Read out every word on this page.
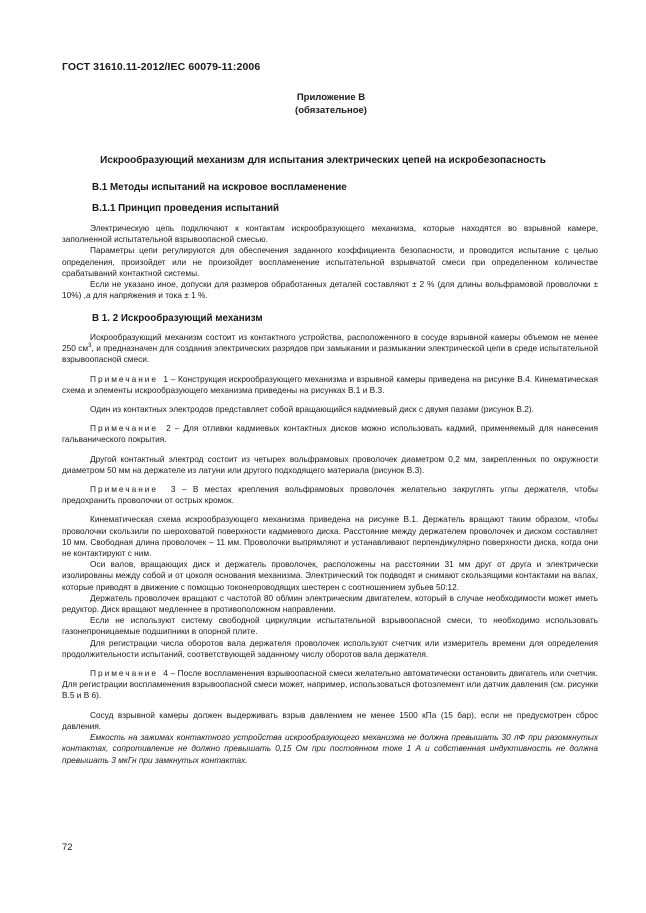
ГОСТ 31610.11-2012/IEC 60079-11:2006
Приложение В
(обязательное)
Искрообразующий механизм для испытания электрических цепей на искробезопасность
В.1 Методы испытаний на искровое воспламенение
В.1.1 Принцип проведения испытаний

Электрическую цепь подключают к контактам искрообразующего механизма, которые находятся во взрывной камере, заполненной испытательной взрывоопасной смесью.

Параметры цепи регулируются для обеспечения заданного коэффициента безопасности, и проводится испытание с целью определения, произойдет или не произойдет воспламенение испытательной взрывчатой смеси при определенном количестве срабатываний контактной системы.

Если не указано иное, допуски для размеров обработанных деталей составляют ± 2 % (для длины вольфрамовой проволочки ± 10%) ,а для напряжения и тока ± 1 %.

В 1. 2 Искрообразующий механизм

Искрообразующий механизм состоит из контактного устройства, расположенного в сосуде взрывной камеры объемом не менее 250 $см^3$, и предназначен для создания электрических разрядов при замыкании и размыкании электрической цепи в среде испытательной взрывоопасной смеси.

Примечание 1 – Конструкция искрообразующего механизма и взрывной камеры приведена на рисунке В.4. Кинематическая схема и элементы искрообразующего механизма приведены на рисунках В.1 и В.3.

Один из контактных электродов представляет собой вращающийся кадмиевый диск с двумя пазами (рисунок В.2).

Примечание 2 – Для отливки кадмиевых контактных дисков можно использовать кадмий, применяемый для нанесения гальванического покрытия.

Другой контактный электрод состоит из четырех вольфрамовых проволочек диаметром 0,2 мм, закрепленных по окружности диаметром 50 мм на держателе из латуни или другого подходящего материала (рисунок В.3).

Примечание 3 – В местах крепления вольфрамовых проволочек желательно закруглять углы держателя, чтобы предохранить проволочки от острых кромок.

Кинематическая схема искрообразующего механизма приведена на рисунке В.1. Держатель вращают таким образом, чтобы проволочки скользили по шероховатой поверхности кадмиевого диска. Расстояние между держателем проволочек и диском составляет 10 мм. Свободная длина проволочек – 11 мм. Проволочки выпрямляют и устанавливают перпендикулярно поверхности диска, когда они не контактируют с ним.

Оси валов, вращающих диск и держатель проволочек, расположены на расстоянии 31 мм друг от друга и электрически изолированы между собой и от цоколя основания механизма. Электрический ток подводят и снимают скользящими контактами на валах, которые приводят в движение с помощью токонепроводящих шестерен с соотношением зубьев 50:12.

Держатель проволочек вращают с частотой 80 об/мин электрическим двигателем, который в случае необходимости может иметь редуктор. Диск вращают медленнее в противоположном направлении.

Если не используют систему свободной циркуляции испытательной взрывоопасной смеси, то необходимо использовать газонепроницаемые подшипники в опорной плите.

Для регистрации числа оборотов вала держателя проволочек используют счетчик или измеритель времени для определения продолжительности испытаний, соответствующей заданному числу оборотов вала держателя.

Примечание 4 – После воспламенения взрывоопасной смеси желательно автоматически остановить двигатель или счетчик. Для регистрации воспламенения взрывоопасной смеси может, например, использоваться фотоэлемент или датчик давления (см. рисунки В.5 и В 6).

Сосуд взрывной камеры должен выдерживать взрыв давлением не менее 1500 кПа (15 бар), если не предусмотрен сброс давления.

Емкость на зажимах контактного устройства искрообразующего механизма не должна превышать 30 лФ при разомкнутых контактах, сопротивление не должно превышать 0,15 Ом при постоянном токе 1 А и собственная индуктивность не должна превышать 3 мкГн при замкнутых контактах.

72
